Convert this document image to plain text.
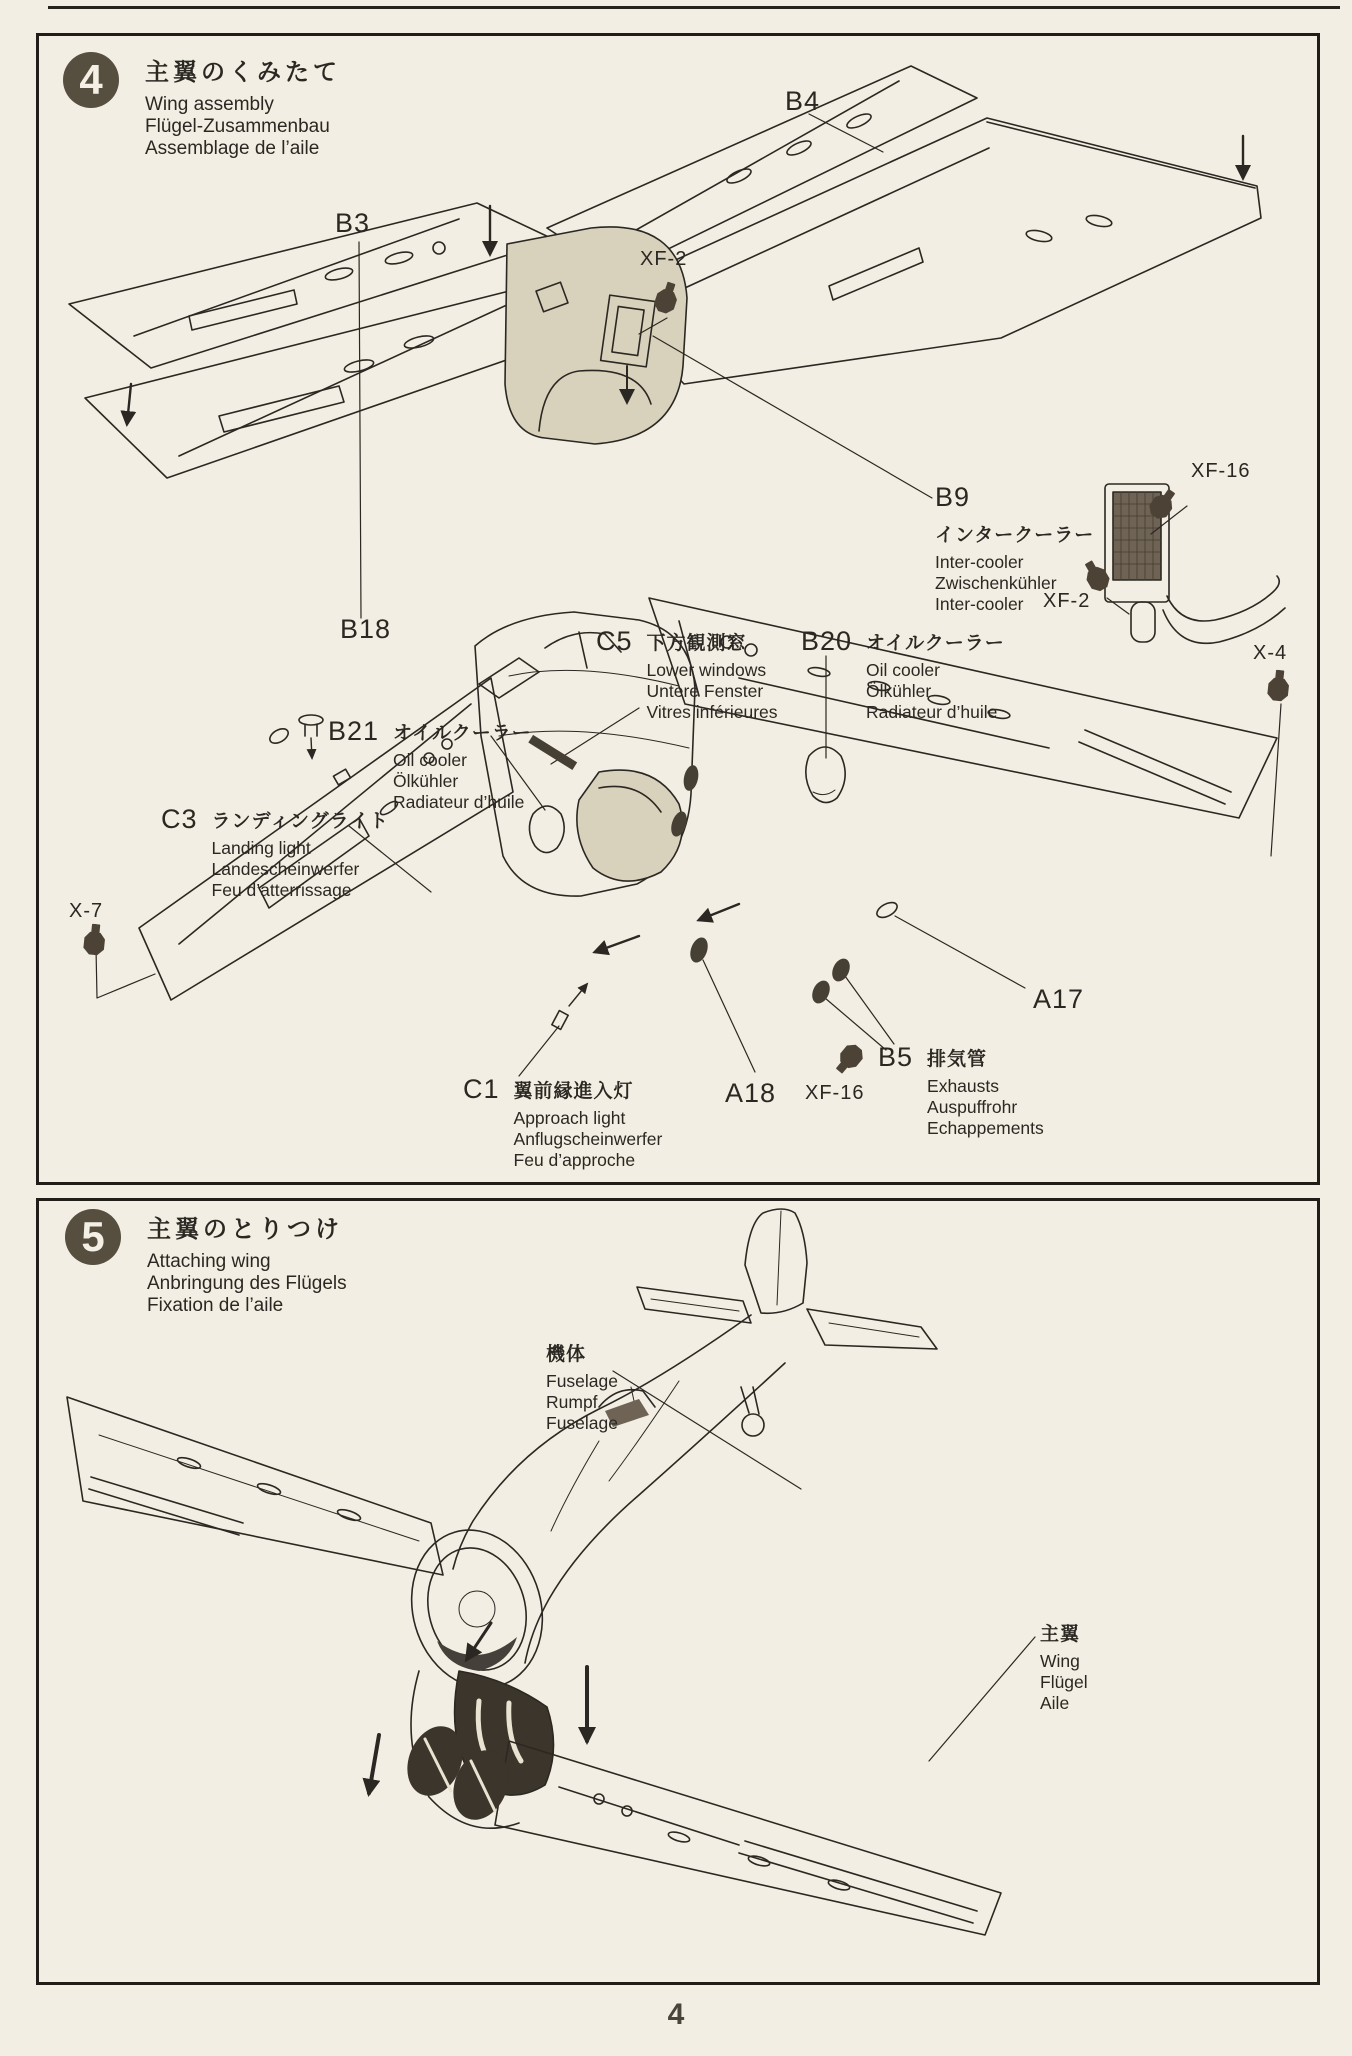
4	主翼のくみたて
Wing assembly
Flügel-Zusammenbau
Assemblage de l’aile
B3
B4
B18
A17
A18
XF-2
XF-16
XF-2
X-4
X-7
XF-16
B9
インタークーラー
Inter-cooler
Zwischenkühler
Inter-cooler
C5 下方観測窓
Lower windows
Untere Fenster
Vitres inférieures
B20 オイルクーラー
Oil cooler
Ölkühler
Radiateur d’huile
B21 オイルクーラー
Oil cooler
Ölkühler
Radiateur d’huile
C3 ランディングライト
Landing light
Landescheinwerfer
Feu d’atterrissage
C1 翼前縁進入灯
Approach light
Anflugscheinwerfer
Feu d’approche
B5 排気管
Exhausts
Auspuffrohr
Echappements
5	主翼のとりつけ
Attaching wing
Anbringung des Flügels
Fixation de l’aile
機体
Fuselage
Rumpf
Fuselage
主翼
Wing
Flügel
Aile
4
